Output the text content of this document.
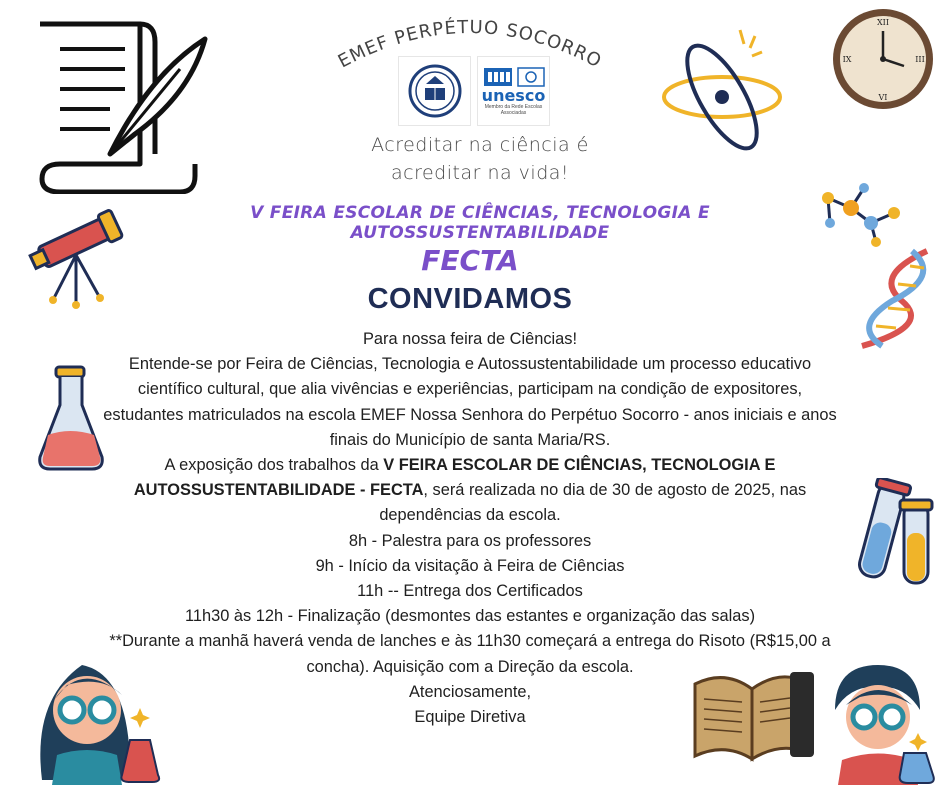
EMEF PERPÉTUO SOCORRO
unesco
Membro da Rede Escolas Associadas
Acreditar na ciência é
acreditar na vida!
V FEIRA ESCOLAR DE CIÊNCIAS, TECNOLOGIA E AUTOSSUSTENTABILIDADE
FECTA
CONVIDAMOS

Para nossa feira de Ciências!

Entende-se por Feira de Ciências, Tecnologia e Autossustentabilidade um processo educativo científico cultural, que alia vivências e experiências, participam na condição de expositores, estudantes matriculados na escola EMEF Nossa Senhora do Perpétuo Socorro - anos iniciais e anos finais do Município de santa Maria/RS.

A exposição dos trabalhos da V FEIRA ESCOLAR DE CIÊNCIAS, TECNOLOGIA E AUTOSSUSTENTABILIDADE - FECTA, será realizada no dia de 30 de agosto de 2025, nas dependências da escola.

8h - Palestra para os professores

9h - Início da visitação à Feira de Ciências

11h -- Entrega dos Certificados

11h30 às 12h - Finalização (desmontes das estantes e organização das salas)

**Durante a manhã haverá venda de lanches e às 11h30 começará a entrega do Risoto (R$15,00 a concha). Aquisição com a Direção da escola.

Atenciosamente,

Equipe Diretiva

XII
III
VI
IX
